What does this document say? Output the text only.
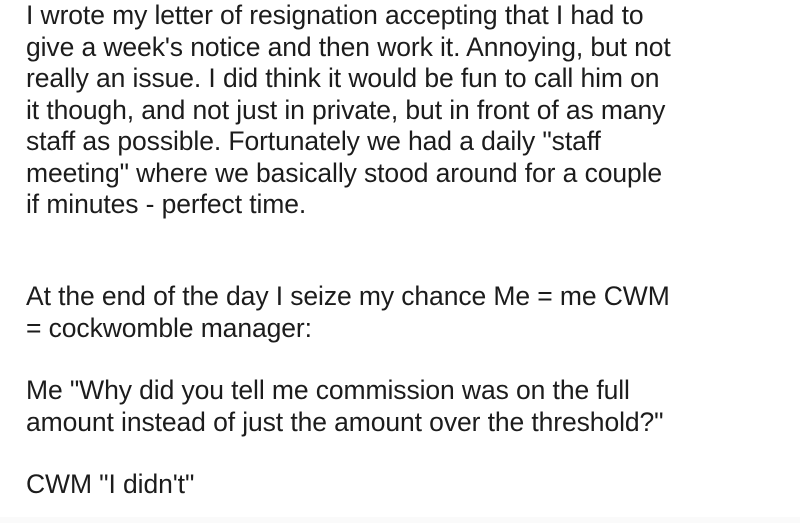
I wrote my letter of resignation accepting that I had to
give a week's notice and then work it. Annoying, but not
really an issue. I did think it would be fun to call him on
it though, and not just in private, but in front of as many
staff as possible. Fortunately we had a daily "staff
meeting" where we basically stood around for a couple
if minutes - perfect time.

At the end of the day I seize my chance Me = me CWM
= cockwomble manager:

Me "Why did you tell me commission was on the full
amount instead of just the amount over the threshold?"

CWM "I didn't"
